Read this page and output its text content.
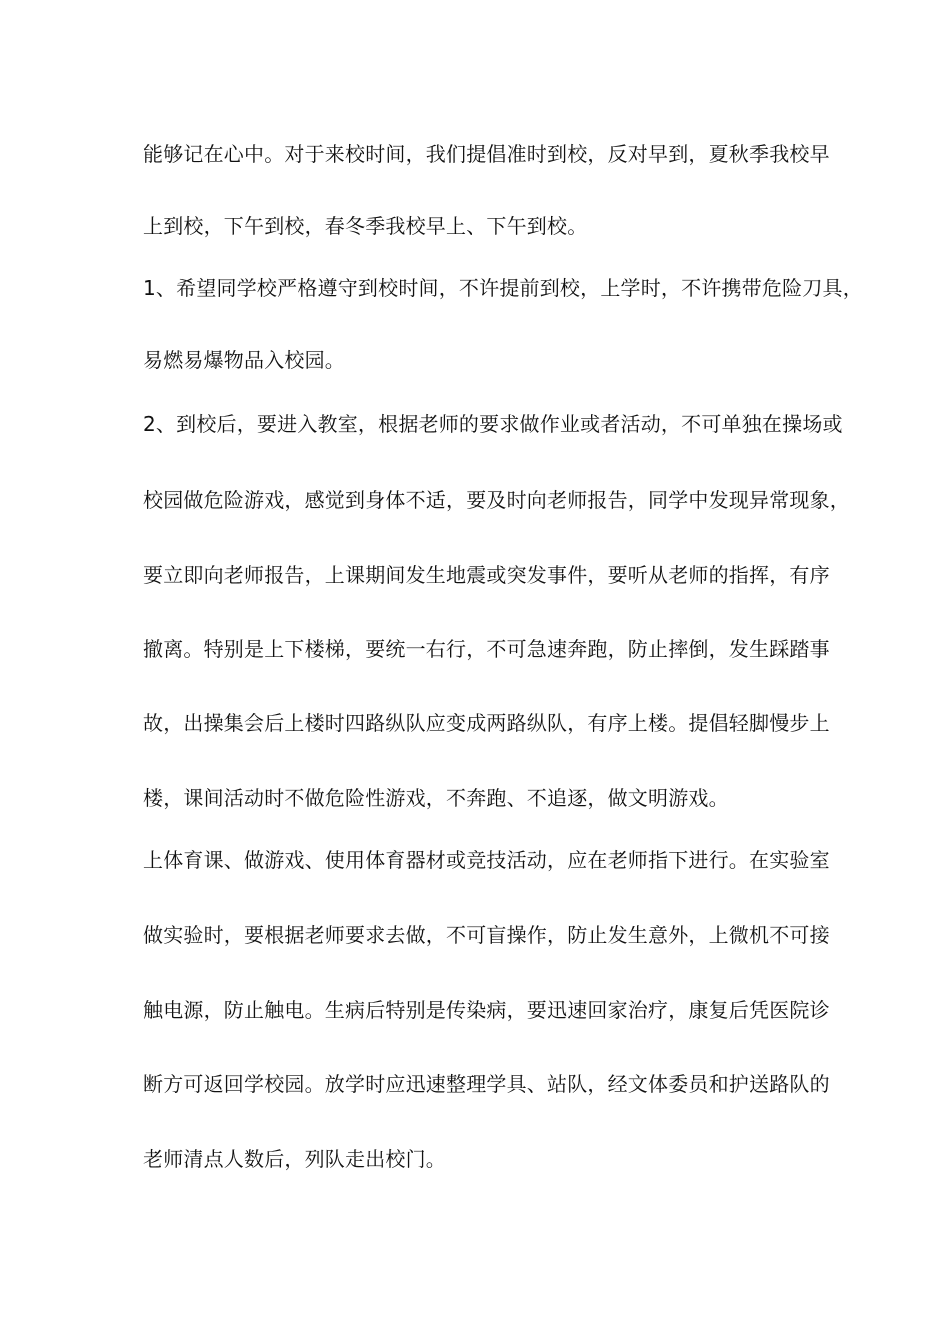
能够记在心中。对于来校时间，我们提倡准时到校，反对早到，夏秋季我校早
上到校，下午到校，春冬季我校早上、下午到校。
1、希望同学校严格遵守到校时间，不许提前到校，上学时，不许携带危险刀具，
易燃易爆物品入校园。
2、到校后，要进入教室，根据老师的要求做作业或者活动，不可单独在操场或
校园做危险游戏，感觉到身体不适，要及时向老师报告，同学中发现异常现象，
要立即向老师报告，上课期间发生地震或突发事件，要听从老师的指挥，有序
撤离。特别是上下楼梯，要统一右行，不可急速奔跑，防止摔倒，发生踩踏事
故，出操集会后上楼时四路纵队应变成两路纵队，有序上楼。提倡轻脚慢步上
楼，课间活动时不做危险性游戏，不奔跑、不追逐，做文明游戏。
上体育课、做游戏、使用体育器材或竞技活动，应在老师指下进行。在实验室
做实验时，要根据老师要求去做，不可盲操作，防止发生意外，上微机不可接
触电源，防止触电。生病后特别是传染病，要迅速回家治疗，康复后凭医院诊
断方可返回学校园。放学时应迅速整理学具、站队，经文体委员和护送路队的
老师清点人数后，列队走出校门。
